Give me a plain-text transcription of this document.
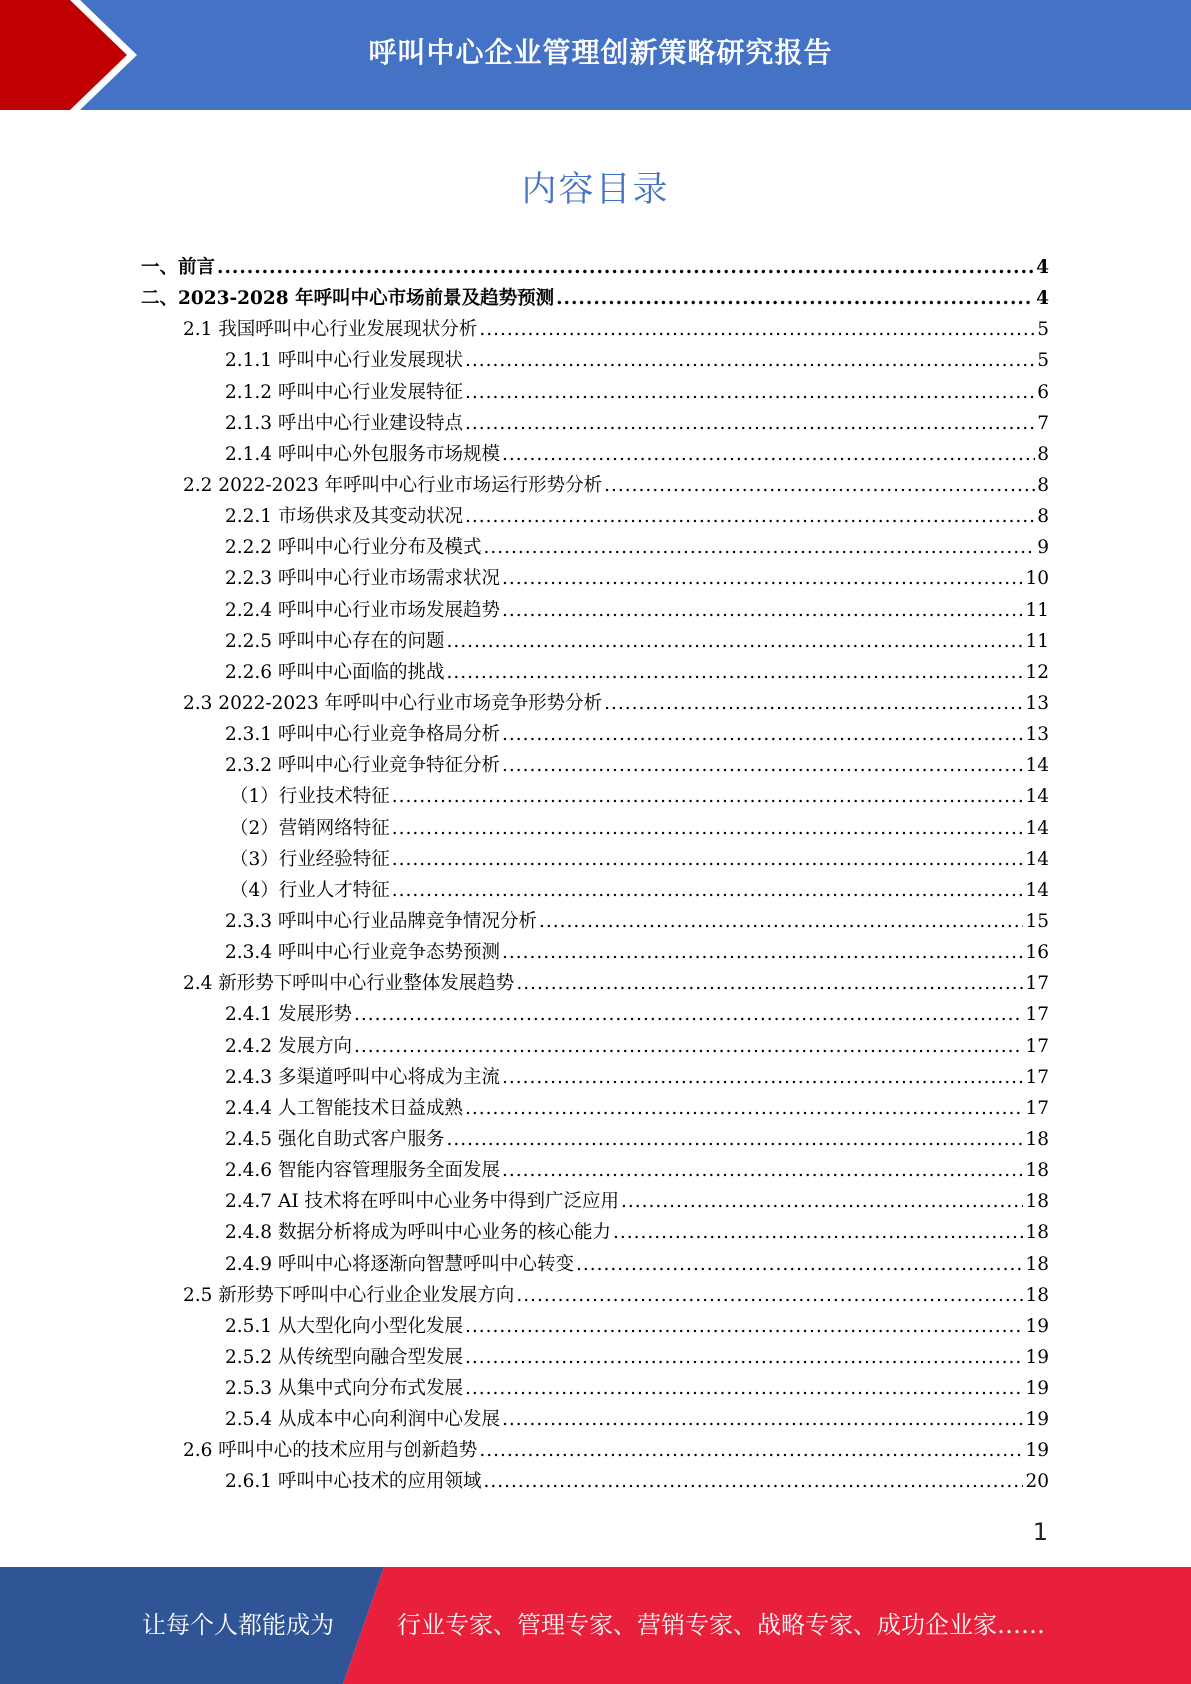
呼叫中心企业管理创新策略研究报告
内容目录
一、前言 .....	4
二、2023-2028 年呼叫中心市场前景及趋势预测 .....	4
2.1 我国呼叫中心行业发展现状分析 .....	5
2.1.1 呼叫中心行业发展现状 .....	5
2.1.2 呼叫中心行业发展特征 .....	6
2.1.3 呼出中心行业建设特点 .....	7
2.1.4 呼叫中心外包服务市场规模 .....	8
2.2 2022-2023 年呼叫中心行业市场运行形势分析 .....	8
2.2.1 市场供求及其变动状况 .....	8
2.2.2 呼叫中心行业分布及模式 .....	9
2.2.3 呼叫中心行业市场需求状况 .....	10
2.2.4 呼叫中心行业市场发展趋势 .....	11
2.2.5 呼叫中心存在的问题 .....	11
2.2.6 呼叫中心面临的挑战 .....	12
2.3 2022-2023 年呼叫中心行业市场竞争形势分析 .....	13
2.3.1 呼叫中心行业竞争格局分析 .....	13
2.3.2 呼叫中心行业竞争特征分析 .....	14
（1）行业技术特征 .....	14
（2）营销网络特征 .....	14
（3）行业经验特征 .....	14
（4）行业人才特征 .....	14
2.3.3 呼叫中心行业品牌竞争情况分析 .....	15
2.3.4 呼叫中心行业竞争态势预测 .....	16
2.4 新形势下呼叫中心行业整体发展趋势 .....	17
2.4.1 发展形势 .....	17
2.4.2 发展方向 .....	17
2.4.3 多渠道呼叫中心将成为主流 .....	17
2.4.4 人工智能技术日益成熟 .....	17
2.4.5 强化自助式客户服务 .....	18
2.4.6 智能内容管理服务全面发展 .....	18
2.4.7 AI 技术将在呼叫中心业务中得到广泛应用 .....	18
2.4.8 数据分析将成为呼叫中心业务的核心能力 .....	18
2.4.9 呼叫中心将逐渐向智慧呼叫中心转变 .....	18
2.5 新形势下呼叫中心行业企业发展方向 .....	18
2.5.1 从大型化向小型化发展 .....	19
2.5.2 从传统型向融合型发展 .....	19
2.5.3 从集中式向分布式发展 .....	19
2.5.4 从成本中心向利润中心发展 .....	19
2.6 呼叫中心的技术应用与创新趋势 .....	19
2.6.1 呼叫中心技术的应用领域 .....	20
1
让每个人都能成为	行业专家、管理专家、营销专家、战略专家、成功企业家……
